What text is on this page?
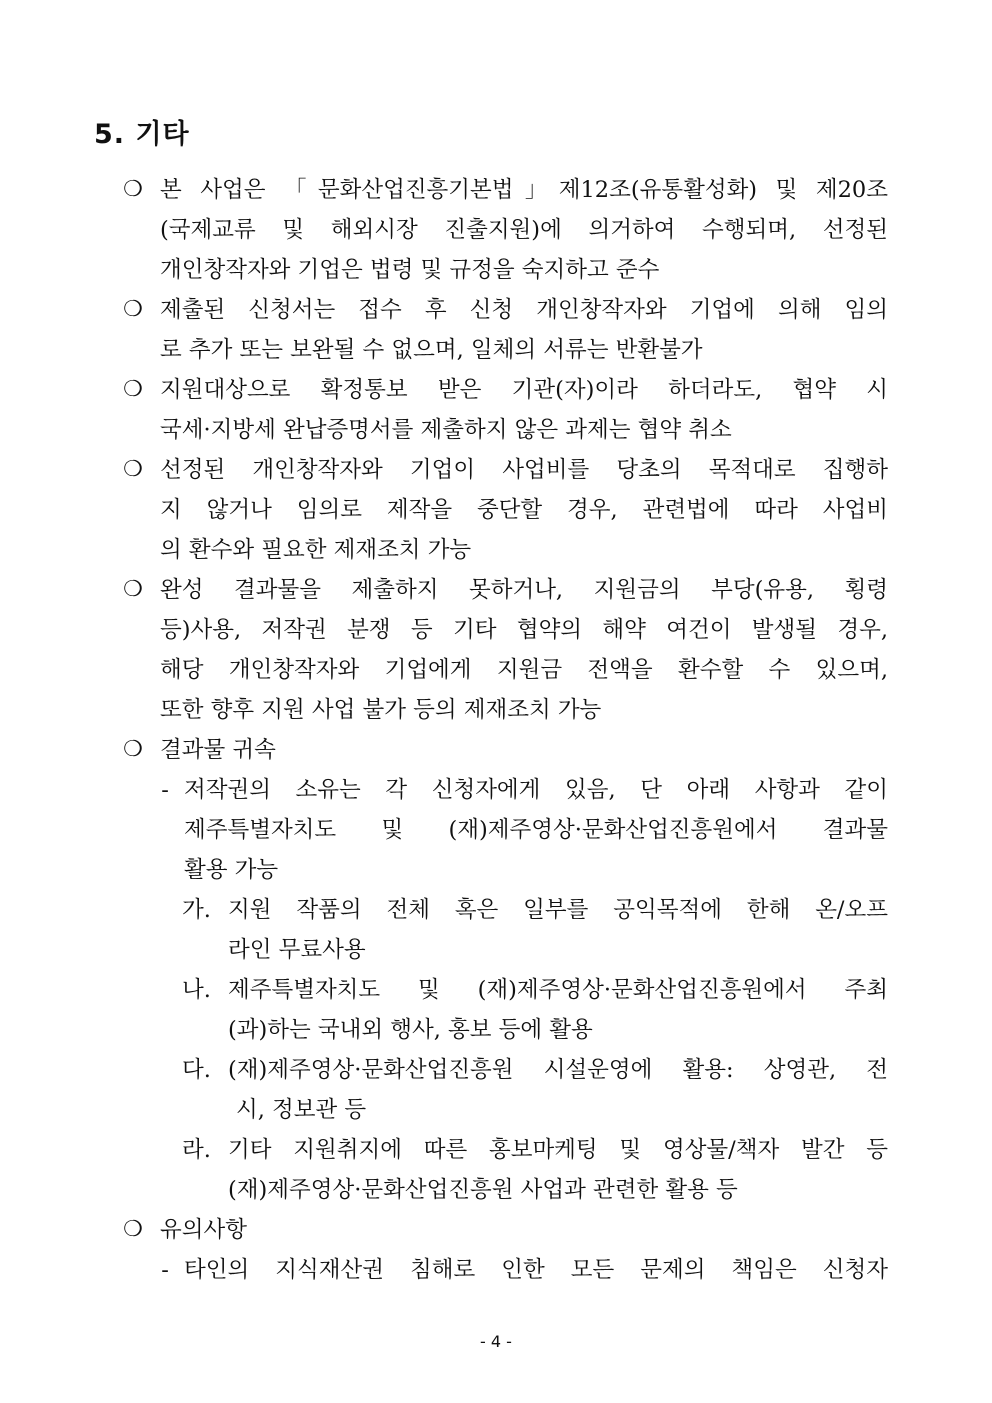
5. 기타
❍ 본 사업은 「문화산업진흥기본법」제12조(유통활성화) 및 제20조
(국제교류 및 해외시장 진출지원)에 의거하여 수행되며, 선정된
개인창작자와 기업은 법령 및 규정을 숙지하고 준수
❍ 제출된 신청서는 접수 후 신청 개인창작자와 기업에 의해 임의
로 추가 또는 보완될 수 없으며, 일체의 서류는 반환불가
❍ 지원대상으로 확정통보 받은 기관(자)이라 하더라도, 협약 시
국세·지방세 완납증명서를 제출하지 않은 과제는 협약 취소
❍ 선정된 개인창작자와 기업이 사업비를 당초의 목적대로 집행하
지 않거나 임의로 제작을 중단할 경우, 관련법에 따라 사업비
의 환수와 필요한 제재조치 가능
❍ 완성 결과물을 제출하지 못하거나, 지원금의 부당(유용, 횡령
등)사용, 저작권 분쟁 등 기타 협약의 해약 여건이 발생될 경우,
해당 개인창작자와 기업에게 지원금 전액을 환수할 수 있으며,
또한 향후 지원 사업 불가 등의 제재조치 가능
❍ 결과물 귀속
- 저작권의 소유는 각 신청자에게 있음, 단 아래 사항과 같이
제주특별자치도 및 (재)제주영상·문화산업진흥원에서 결과물
활용 가능
가. 지원 작품의 전체 혹은 일부를 공익목적에 한해 온/오프
라인 무료사용
나. 제주특별자치도 및 (재)제주영상·문화산업진흥원에서 주최
(과)하는 국내외 행사, 홍보 등에 활용
다. (재)제주영상·문화산업진흥원 시설운영에 활용: 상영관, 전
시, 정보관 등
라. 기타 지원취지에 따른 홍보마케팅 및 영상물/책자 발간 등
(재)제주영상·문화산업진흥원 사업과 관련한 활용 등
❍ 유의사항
- 타인의 지식재산권 침해로 인한 모든 문제의 책임은 신청자
- 4 -
